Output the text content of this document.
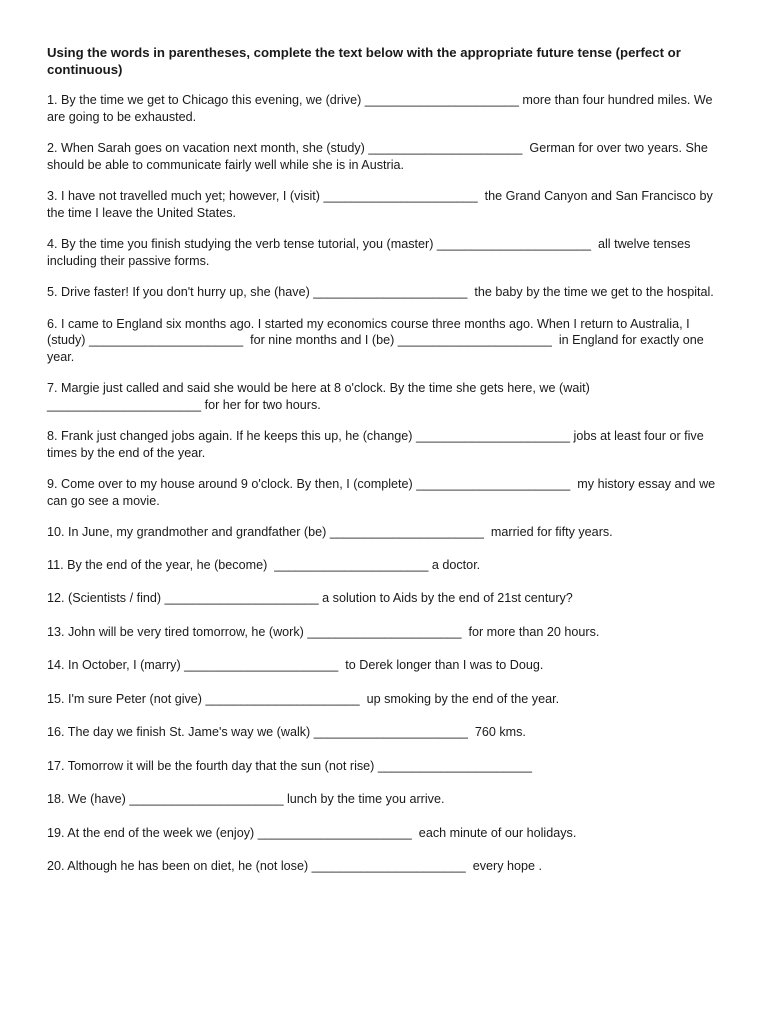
Using the words in parentheses, complete the text below with the appropriate future tense (perfect or continuous)

1. By the time we get to Chicago this evening, we (drive) ______________________ more than four hundred miles. We are going to be exhausted.

2. When Sarah goes on vacation next month, she (study) ______________________  German for over two years. She should be able to communicate fairly well while she is in Austria.

3. I have not travelled much yet; however, I (visit) ______________________  the Grand Canyon and San Francisco by the time I leave the United States.

4. By the time you finish studying the verb tense tutorial, you (master) ______________________  all twelve tenses including their passive forms.

5. Drive faster! If you don't hurry up, she (have) ______________________  the baby by the time we get to the hospital.

6. I came to England six months ago. I started my economics course three months ago. When I return to Australia, I (study) ______________________  for nine months and I (be) ______________________  in England for exactly one year.

7. Margie just called and said she would be here at 8 o'clock. By the time she gets here, we (wait) ______________________ for her for two hours.

8. Frank just changed jobs again. If he keeps this up, he (change) ______________________ jobs at least four or five times by the end of the year.

9. Come over to my house around 9 o'clock. By then, I (complete) ______________________  my history essay and we can go see a movie.

10. In June, my grandmother and grandfather (be) ______________________  married for fifty years.

11. By the end of the year, he (become)  ______________________ a doctor.

12. (Scientists / find) ______________________ a solution to Aids by the end of 21st century?

13. John will be very tired tomorrow, he (work) ______________________  for more than 20 hours.

14. In October, I (marry) ______________________  to Derek longer than I was to Doug.

15. I'm sure Peter (not give) ______________________  up smoking by the end of the year.

16. The day we finish St. Jame's way we (walk) ______________________  760 kms.

17. Tomorrow it will be the fourth day that the sun (not rise) ______________________

18. We (have) ______________________ lunch by the time you arrive.

19. At the end of the week we (enjoy) ______________________  each minute of our holidays.

20. Although he has been on diet, he (not lose) ______________________  every hope .
